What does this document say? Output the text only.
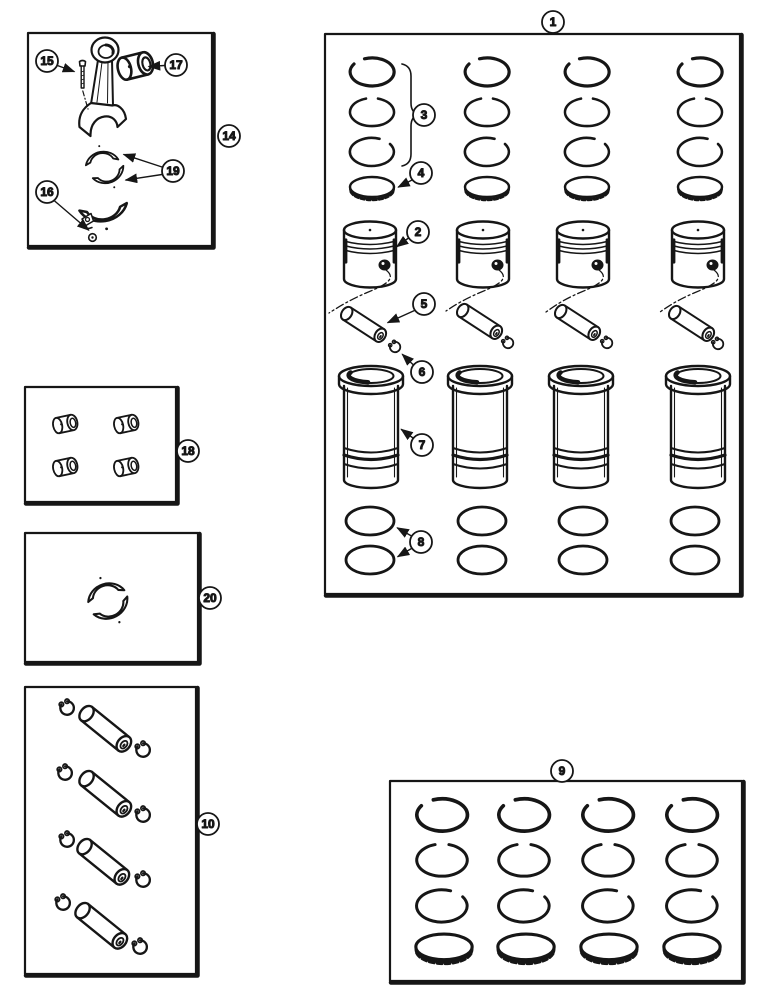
15	17
19
16
14
1
3
4
2
5
6
7
8
18
20
10
9
